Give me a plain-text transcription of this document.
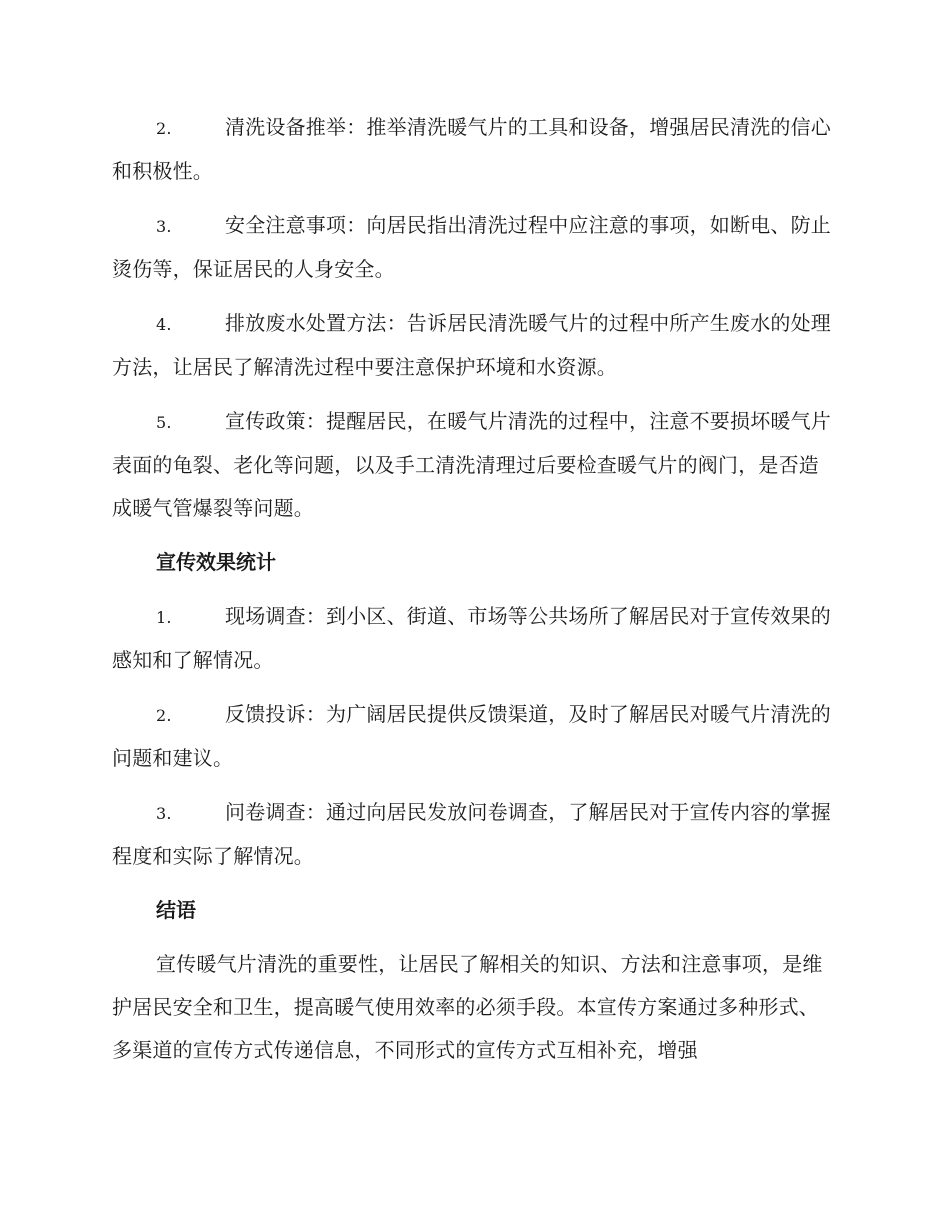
2.	清洗设备推举：推举清洗暖气片的工具和设备，增强居民清洗的信心和积极性。

3.	安全注意事项：向居民指出清洗过程中应注意的事项，如断电、防止烫伤等，保证居民的人身安全。

4.	排放废水处置方法：告诉居民清洗暖气片的过程中所产生废水的处理方法，让居民了解清洗过程中要注意保护环境和水资源。

5.	宣传政策：提醒居民，在暖气片清洗的过程中，注意不要损坏暖气片表面的龟裂、老化等问题，以及手工清洗清理过后要检查暖气片的阀门，是否造成暖气管爆裂等问题。

宣传效果统计

1.	现场调查：到小区、街道、市场等公共场所了解居民对于宣传效果的感知和了解情况。

2.	反馈投诉：为广阔居民提供反馈渠道，及时了解居民对暖气片清洗的问题和建议。

3.	问卷调查：通过向居民发放问卷调查，了解居民对于宣传内容的掌握程度和实际了解情况。

结语

宣传暖气片清洗的重要性，让居民了解相关的知识、方法和注意事项，是维护居民安全和卫生，提高暖气使用效率的必须手段。本宣传方案通过多种形式、多渠道的宣传方式传递信息，不同形式的宣传方式互相补充，增强
